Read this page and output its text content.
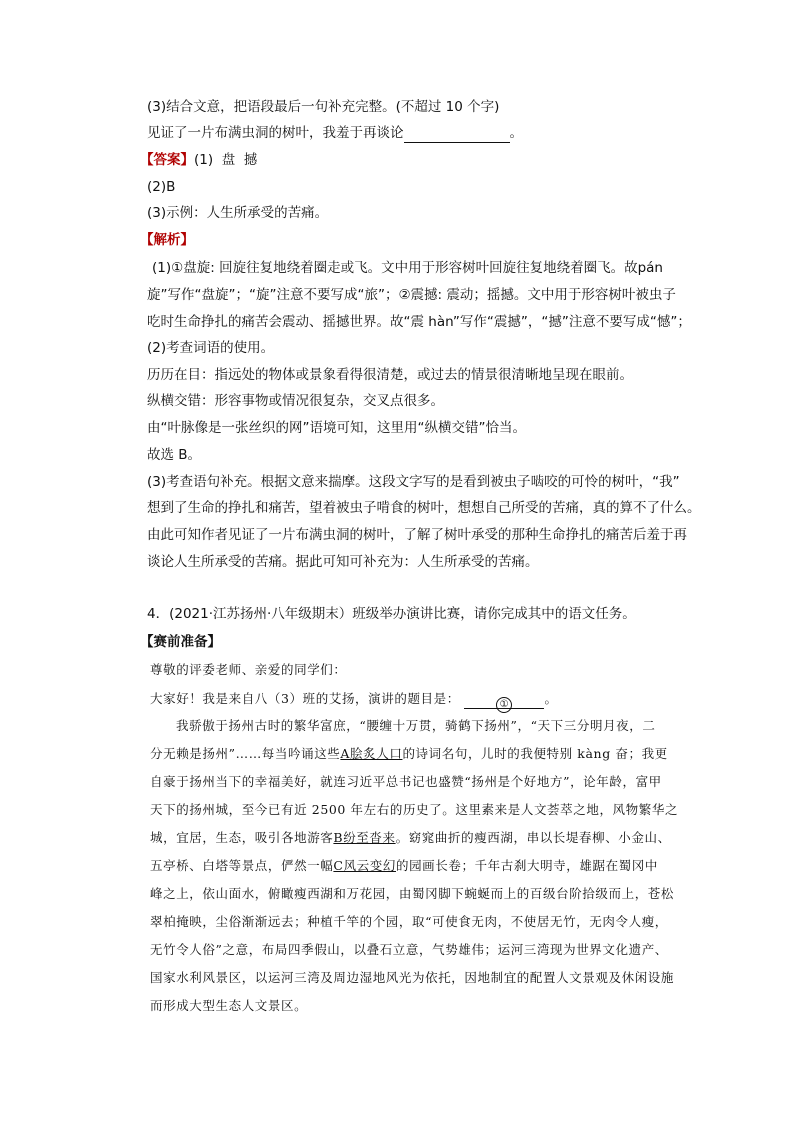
(3)结合文意，把语段最后一句补充完整。(不超过 10 个字)
见证了一片布满虫洞的树叶，我羞于再谈论	。
【答案】(1)  盘  撼
(2)B
(3)示例：人生所承受的苦痛。
【解析】
(1)①盘旋: 回旋往复地绕着圈走或飞。文中用于形容树叶回旋往复地绕着圈飞。故pán
旋”写作“盘旋”；“旋”注意不要写成“旅”；②震撼: 震动；摇撼。文中用于形容树叶被虫子
吃时生命挣扎的痛苦会震动、摇撼世界。故“震 hàn”写作“震撼”，“撼”注意不要写成“憾”；
(2)考查词语的使用。
历历在目：指远处的物体或景象看得很清楚，或过去的情景很清晰地呈现在眼前。
纵横交错：形容事物或情况很复杂，交叉点很多。
由“叶脉像是一张丝织的网”语境可知，这里用“纵横交错”恰当。
故选 B。
(3)考查语句补充。根据文意来揣摩。这段文字写的是看到被虫子啮咬的可怜的树叶，“我”
想到了生命的挣扎和痛苦，望着被虫子啃食的树叶，想想自己所受的苦痛，真的算不了什么。
由此可知作者见证了一片布满虫洞的树叶，了解了树叶承受的那种生命挣扎的痛苦后羞于再
谈论人生所承受的苦痛。据此可知可补充为：人生所承受的苦痛。
4．(2021·江苏扬州·八年级期末）班级举办演讲比赛，请你完成其中的语文任务。
【赛前准备】
尊敬的评委老师、亲爱的同学们：
大家好！我是来自八（3）班的艾扬，演讲的题目是：	①	。
我骄傲于扬州古时的繁华富庶，“腰缠十万贯，骑鹤下扬州”，“天下三分明月夜，二
分无赖是扬州”……每当吟诵这些A脍炙人口的诗词名句，儿时的我便特别 kàng 奋；我更
自豪于扬州当下的幸福美好，就连习近平总书记也盛赞“扬州是个好地方”，论年龄，富甲
天下的扬州城，至今已有近 2500 年左右的历史了。这里素来是人文荟萃之地，风物繁华之
城，宜居，生态，吸引各地游客B纷至沓来。窈窕曲折的瘦西湖，串以长堤春柳、小金山、
五亭桥、白塔等景点，俨然一幅C风云变幻的园画长卷；千年古刹大明寺，雄踞在蜀冈中
峰之上，依山面水，俯瞰瘦西湖和万花园，由蜀冈脚下蜿蜒而上的百级台阶拾级而上，苍松
翠柏掩映，尘俗渐渐远去；种植千竿的个园，取“可使食无肉，不使居无竹，无肉令人瘦，
无竹令人俗”之意，布局四季假山，以叠石立意，气势雄伟；运河三湾现为世界文化遗产、
国家水利风景区，以运河三湾及周边湿地风光为依托，因地制宜的配置人文景观及休闲设施
而形成大型生态人文景区。
